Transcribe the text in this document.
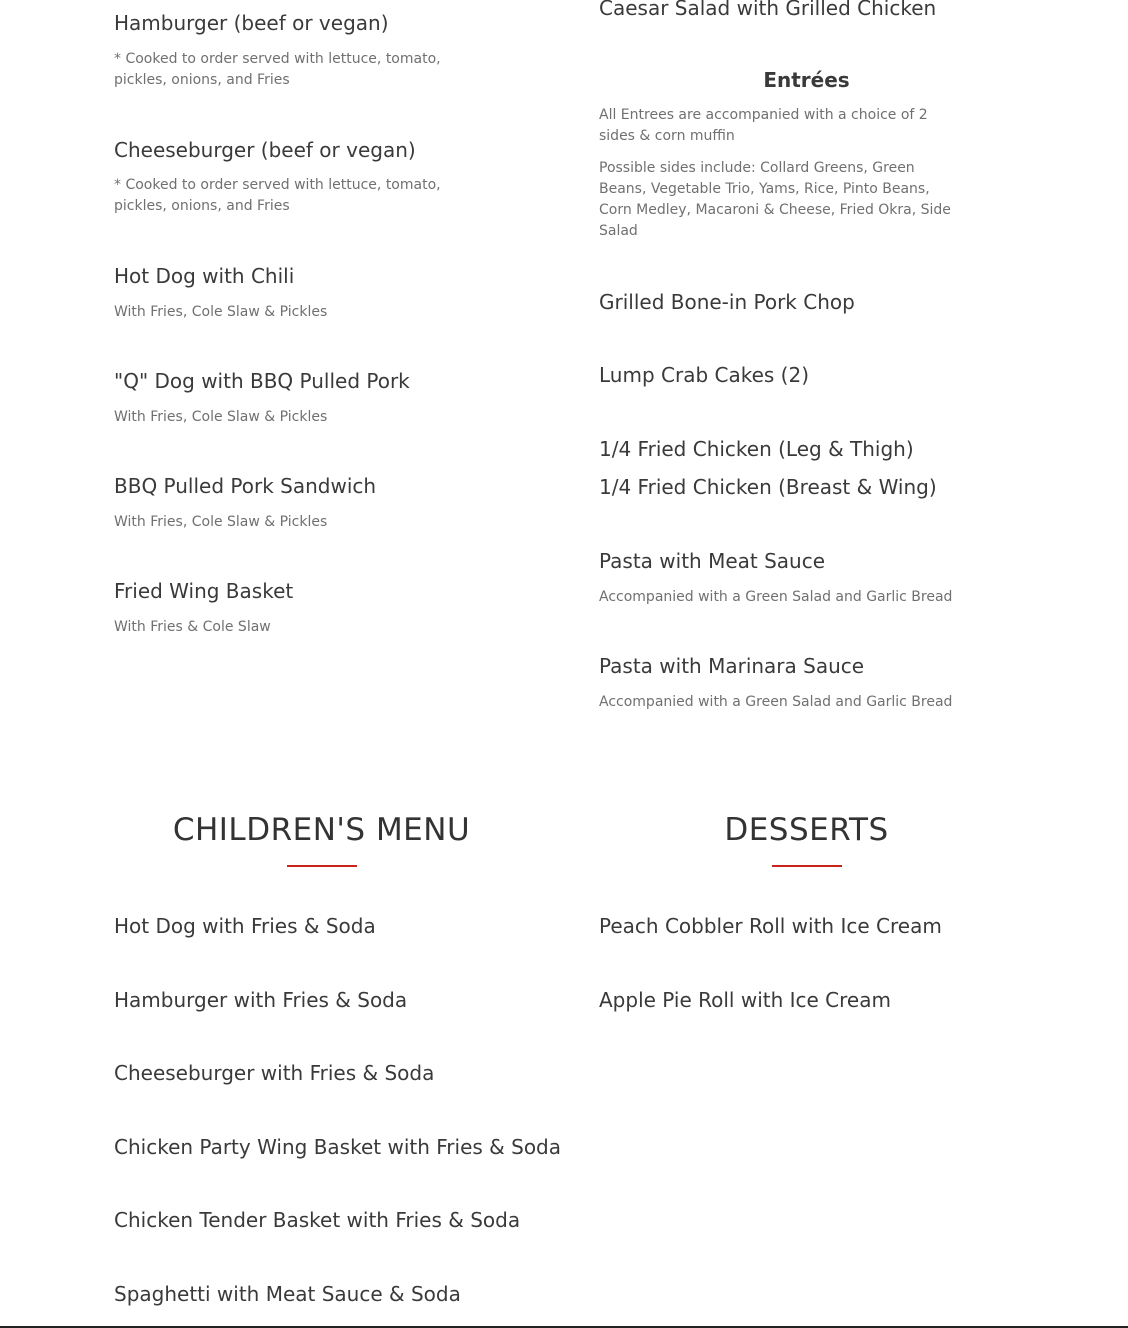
Hamburger (beef or vegan)

* Cooked to order served with lettuce, tomato, pickles, onions, and Fries

Cheeseburger (beef or vegan)

* Cooked to order served with lettuce, tomato, pickles, onions, and Fries

Hot Dog with Chili

With Fries, Cole Slaw & Pickles

"Q" Dog with BBQ Pulled Pork

With Fries, Cole Slaw & Pickles

BBQ Pulled Pork Sandwich

With Fries, Cole Slaw & Pickles

Fried Wing Basket

With Fries & Cole Slaw

Caesar Salad with Grilled Chicken
Entrées

All Entrees are accompanied with a choice of 2 sides & corn muffin

Possible sides include: Collard Greens, Green Beans, Vegetable Trio, Yams, Rice, Pinto Beans, Corn Medley, Macaroni & Cheese, Fried Okra, Side Salad

Grilled Bone-in Pork Chop
Lump Crab Cakes (2)
1/4 Fried Chicken (Leg & Thigh)
1/4 Fried Chicken (Breast & Wing)
Pasta with Meat Sauce

Accompanied with a Green Salad and Garlic Bread

Pasta with Marinara Sauce

Accompanied with a Green Salad and Garlic Bread

CHILDREN'S MENU
Hot Dog with Fries & Soda
Hamburger with Fries & Soda
Cheeseburger with Fries & Soda
Chicken Party Wing Basket with Fries & Soda
Chicken Tender Basket with Fries & Soda
Spaghetti with Meat Sauce & Soda
DESSERTS
Peach Cobbler Roll with Ice Cream
Apple Pie Roll with Ice Cream
